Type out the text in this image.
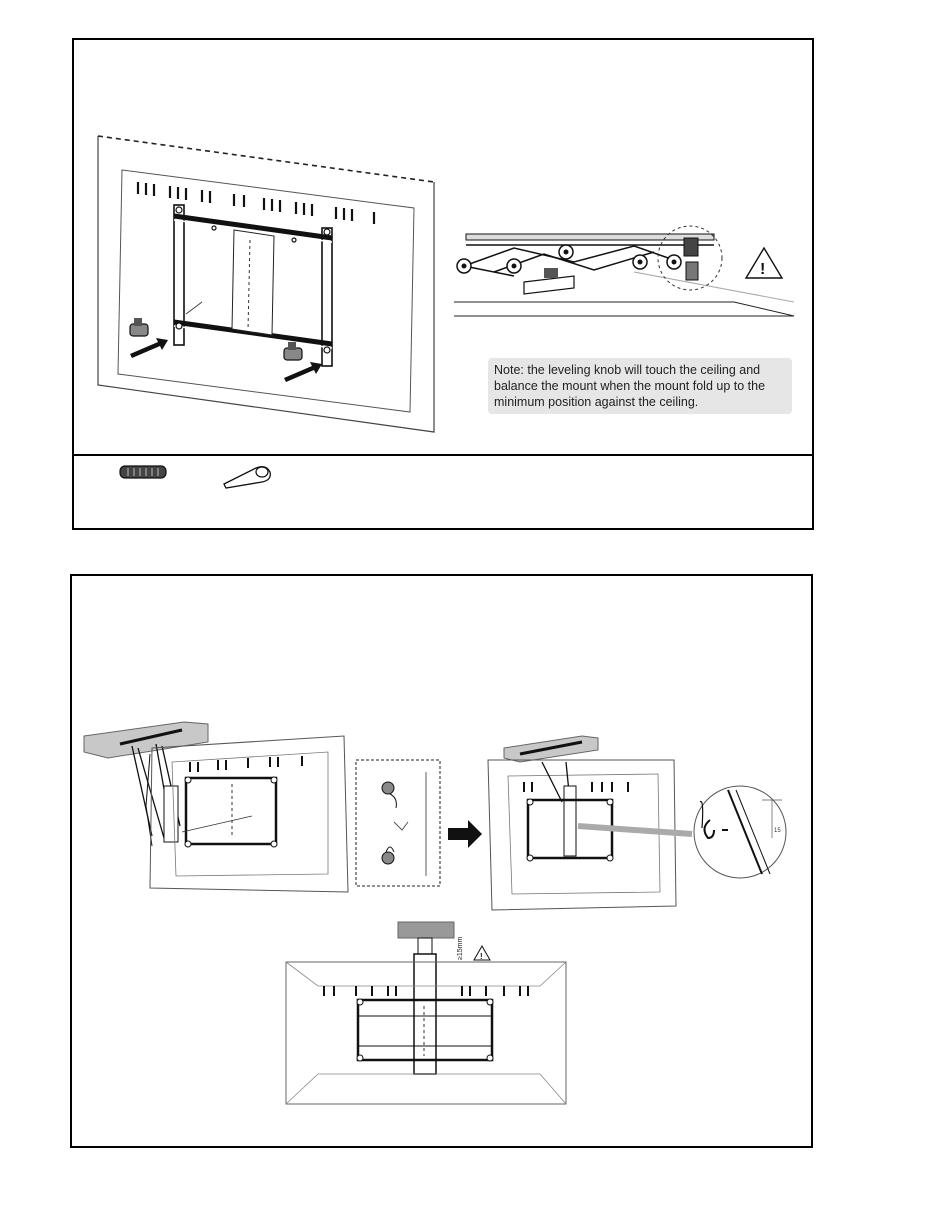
!
Note: the leveling knob will touch the ceiling and balance the mount when the mount fold up to the minimum position against the ceiling.
15
≥15mm !
